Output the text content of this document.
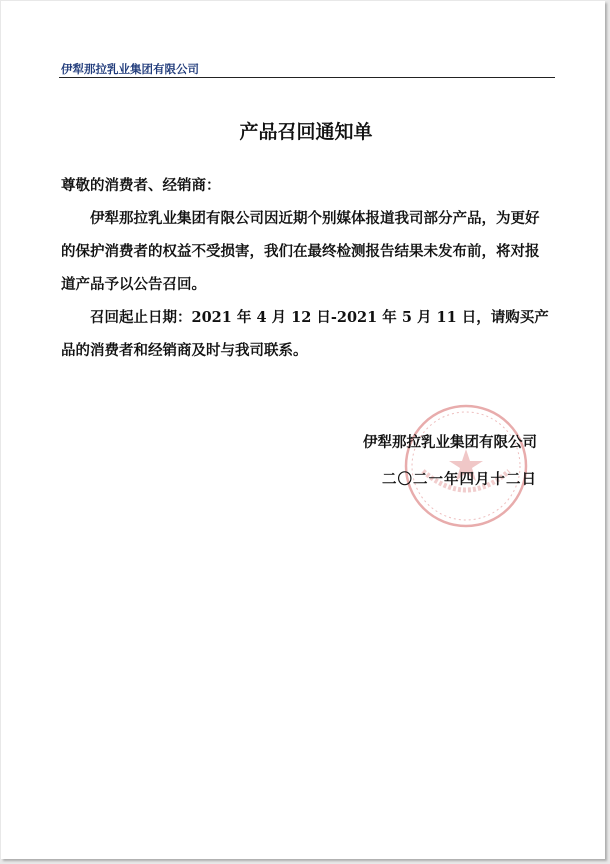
伊犁那拉乳业集团有限公司
产品召回通知单

尊敬的消费者、经销商：

伊犁那拉乳业集团有限公司因近期个别媒体报道我司部分产品，为更好的保护消费者的权益不受损害，我们在最终检测报告结果未发布前，将对报道产品予以公告召回。

召回起止日期：2021 年 4 月 12 日-2021 年 5 月 11 日，请购买产品的消费者和经销商及时与我司联系。

伊犁那拉乳业集团有限公司
二〇二一年四月十二日
